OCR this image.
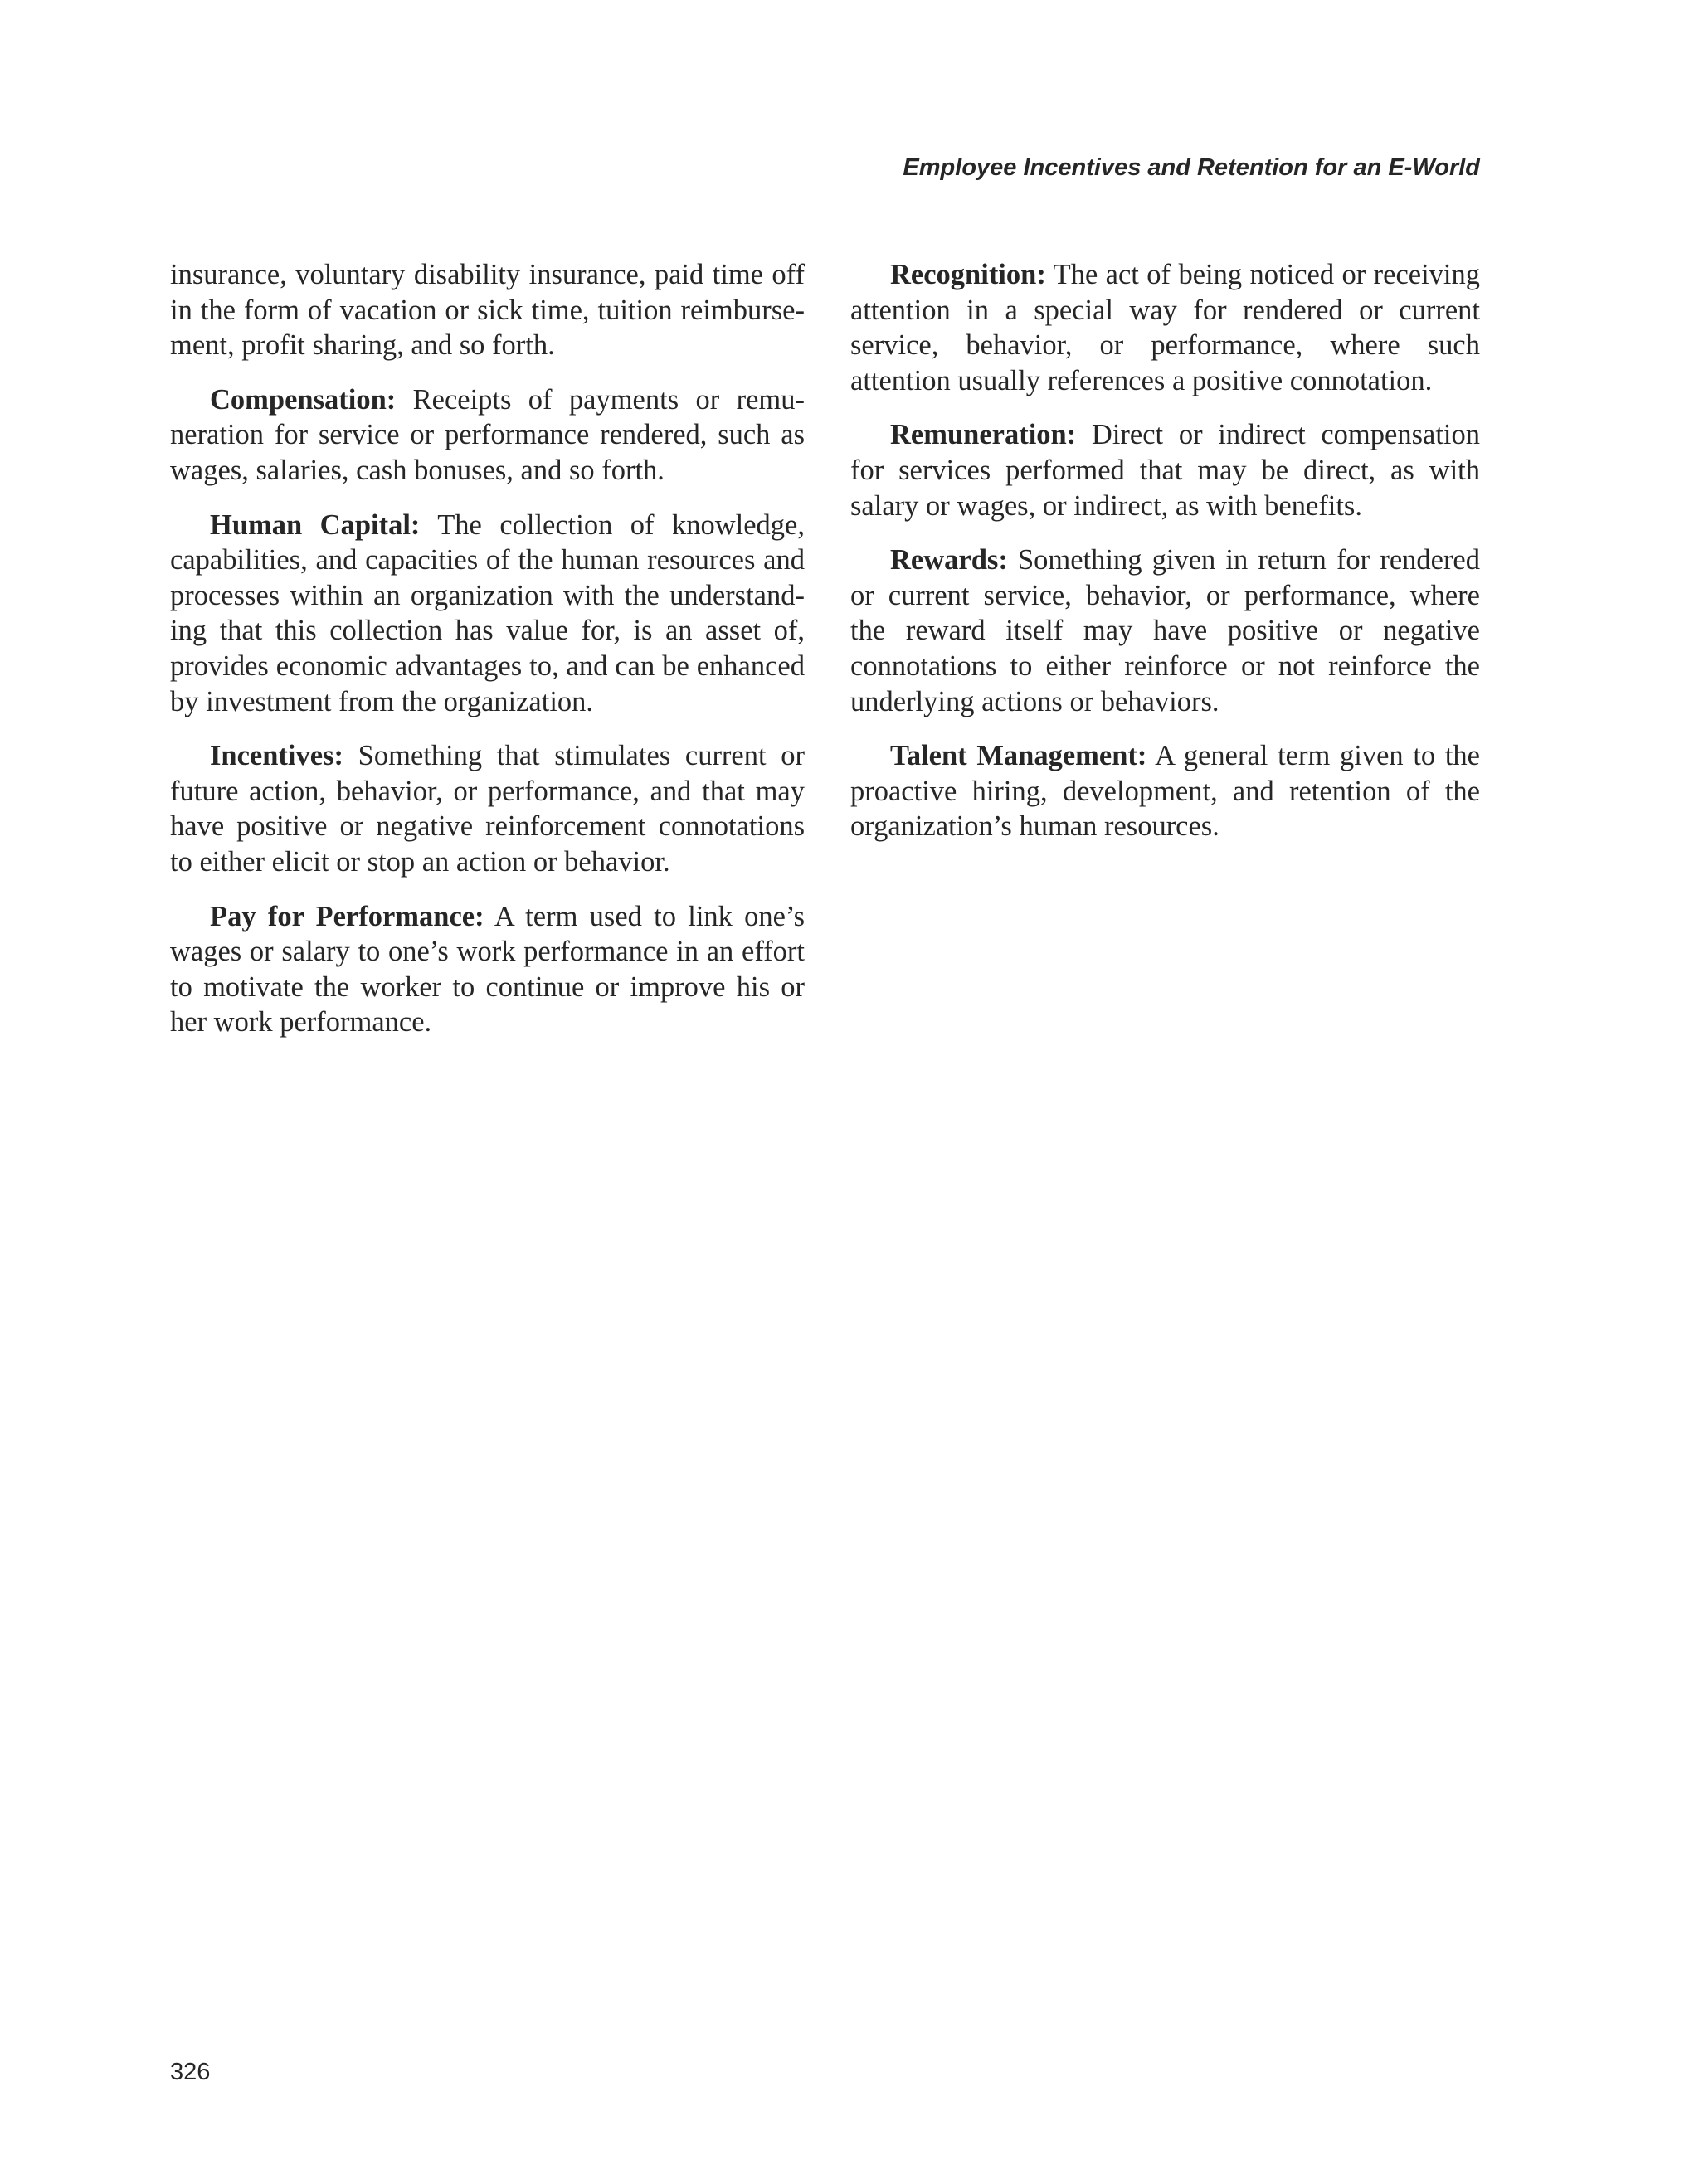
Employee Incentives and Retention for an E-World

insurance, voluntary disability insurance, paid time off in the form of vacation or sick time, tuition reimbursement, profit sharing, and so forth.

Compensation: Receipts of payments or remuneration for service or performance rendered, such as wages, salaries, cash bonuses, and so forth.

Human Capital: The collection of knowledge, capabilities, and capacities of the human resources and processes within an organization with the understanding that this collection has value for, is an asset of, provides economic advantages to, and can be enhanced by investment from the organization.

Incentives: Something that stimulates current or future action, behavior, or performance, and that may have positive or negative reinforcement connotations to either elicit or stop an action or behavior.

Pay for Performance: A term used to link one’s wages or salary to one’s work performance in an effort to motivate the worker to continue or improve his or her work performance.

Recognition: The act of being noticed or receiving attention in a special way for rendered or current service, behavior, or performance, where such attention usually references a positive connotation.

Remuneration: Direct or indirect compensation for services performed that may be direct, as with salary or wages, or indirect, as with benefits.

Rewards: Something given in return for rendered or current service, behavior, or performance, where the reward itself may have positive or negative connotations to either reinforce or not reinforce the underlying actions or behaviors.

Talent Management: A general term given to the proactive hiring, development, and retention of the organization’s human resources.

326
